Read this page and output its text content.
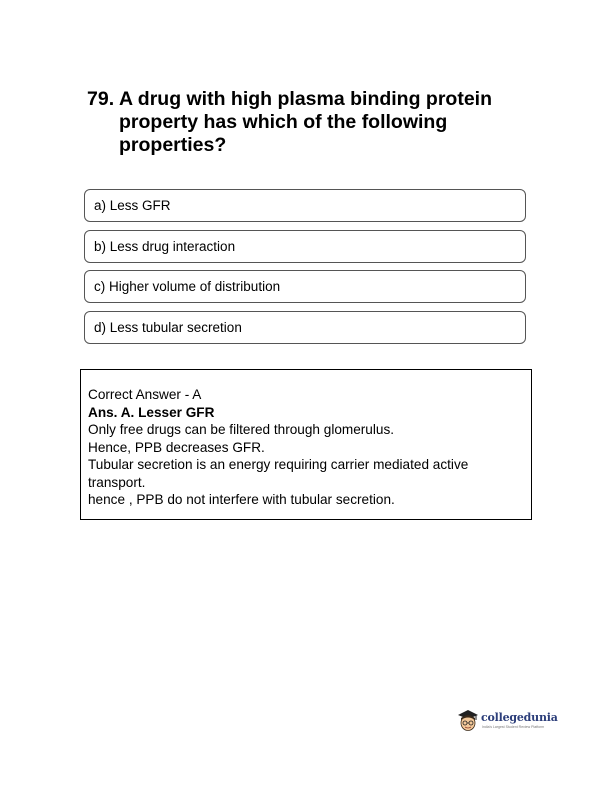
79. A drug with high plasma binding protein property has which of the following properties?
a) Less GFR
b) Less drug interaction
c) Higher volume of distribution
d) Less tubular secretion
Correct Answer - A
Ans. A. Lesser GFR
Only free drugs can be filtered through glomerulus.
Hence, PPB decreases GFR.
Tubular secretion is an energy requiring carrier mediated active transport.
hence , PPB do not interfere with tubular secretion.
collegedunia
India's Largest Student Review Platform
